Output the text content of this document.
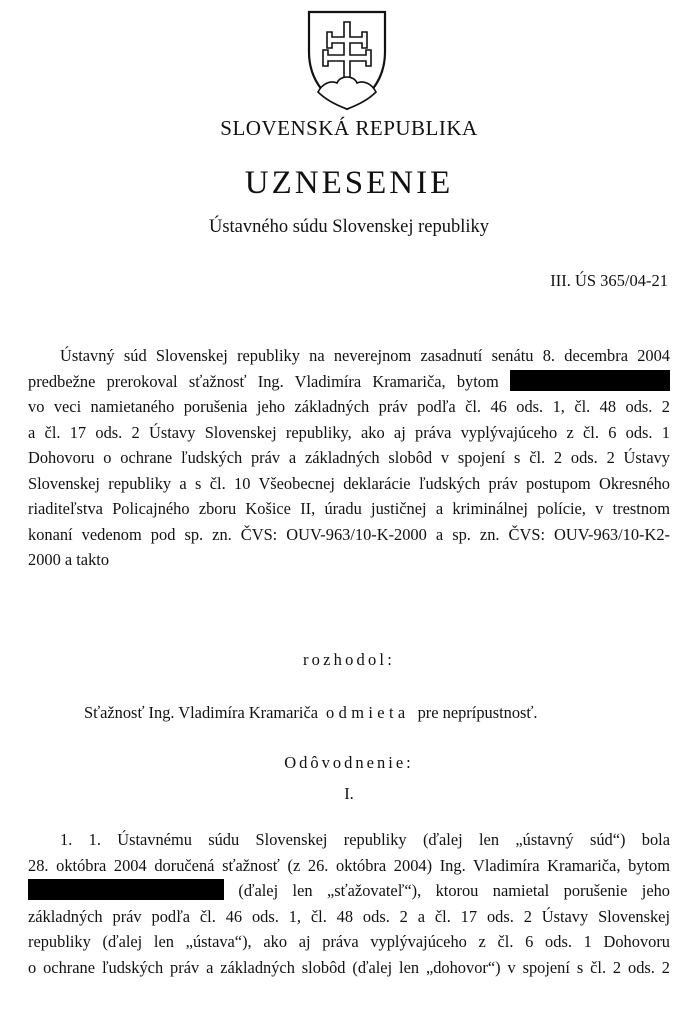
SLOVENSKÁ REPUBLIKA
UZNESENIE
Ústavného súdu Slovenskej republiky
III. ÚS 365/04-21

Ústavný súd Slovenskej republiky na neverejnom zasadnutí senátu 8. decembra 2004
predbežne prerokoval sťažnosť Ing. Vladimíra Kramariča, bytom
vo veci namietaného porušenia jeho základných práv podľa čl. 46 ods. 1, čl. 48 ods. 2
a čl. 17 ods. 2 Ústavy Slovenskej republiky, ako aj práva vyplývajúceho z čl. 6 ods. 1
Dohovoru o ochrane ľudských práv a základných slobôd v spojení s čl. 2 ods. 2 Ústavy
Slovenskej republiky a s čl. 10 Všeobecnej deklarácie ľudských práv postupom Okresného
riaditeľstva Policajného zboru Košice II, úradu justičnej a kriminálnej polície, v trestnom
konaní vedenom pod sp. zn. ČVS: OUV-963/10-K-2000 a sp. zn. ČVS: OUV-963/10-K2-
2000 a takto

rozhodol:
Sťažnosť Ing. Vladimíra Kramariča odmieta pre neprípustnosť.
Odôvodnenie:
I.

1. 1. Ústavnému súdu Slovenskej republiky (ďalej len „ústavný súd“) bola
28. októbra 2004 doručená sťažnosť (z 26. októbra 2004) Ing. Vladimíra Kramariča, bytom
(ďalej len „sťažovateľ“), ktorou namietal porušenie jeho
základných práv podľa čl. 46 ods. 1, čl. 48 ods. 2 a čl. 17 ods. 2 Ústavy Slovenskej
republiky (ďalej len „ústava“), ako aj práva vyplývajúceho z čl. 6 ods. 1 Dohovoru
o ochrane ľudských práv a základných slobôd (ďalej len „dohovor“) v spojení s čl. 2 ods. 2
